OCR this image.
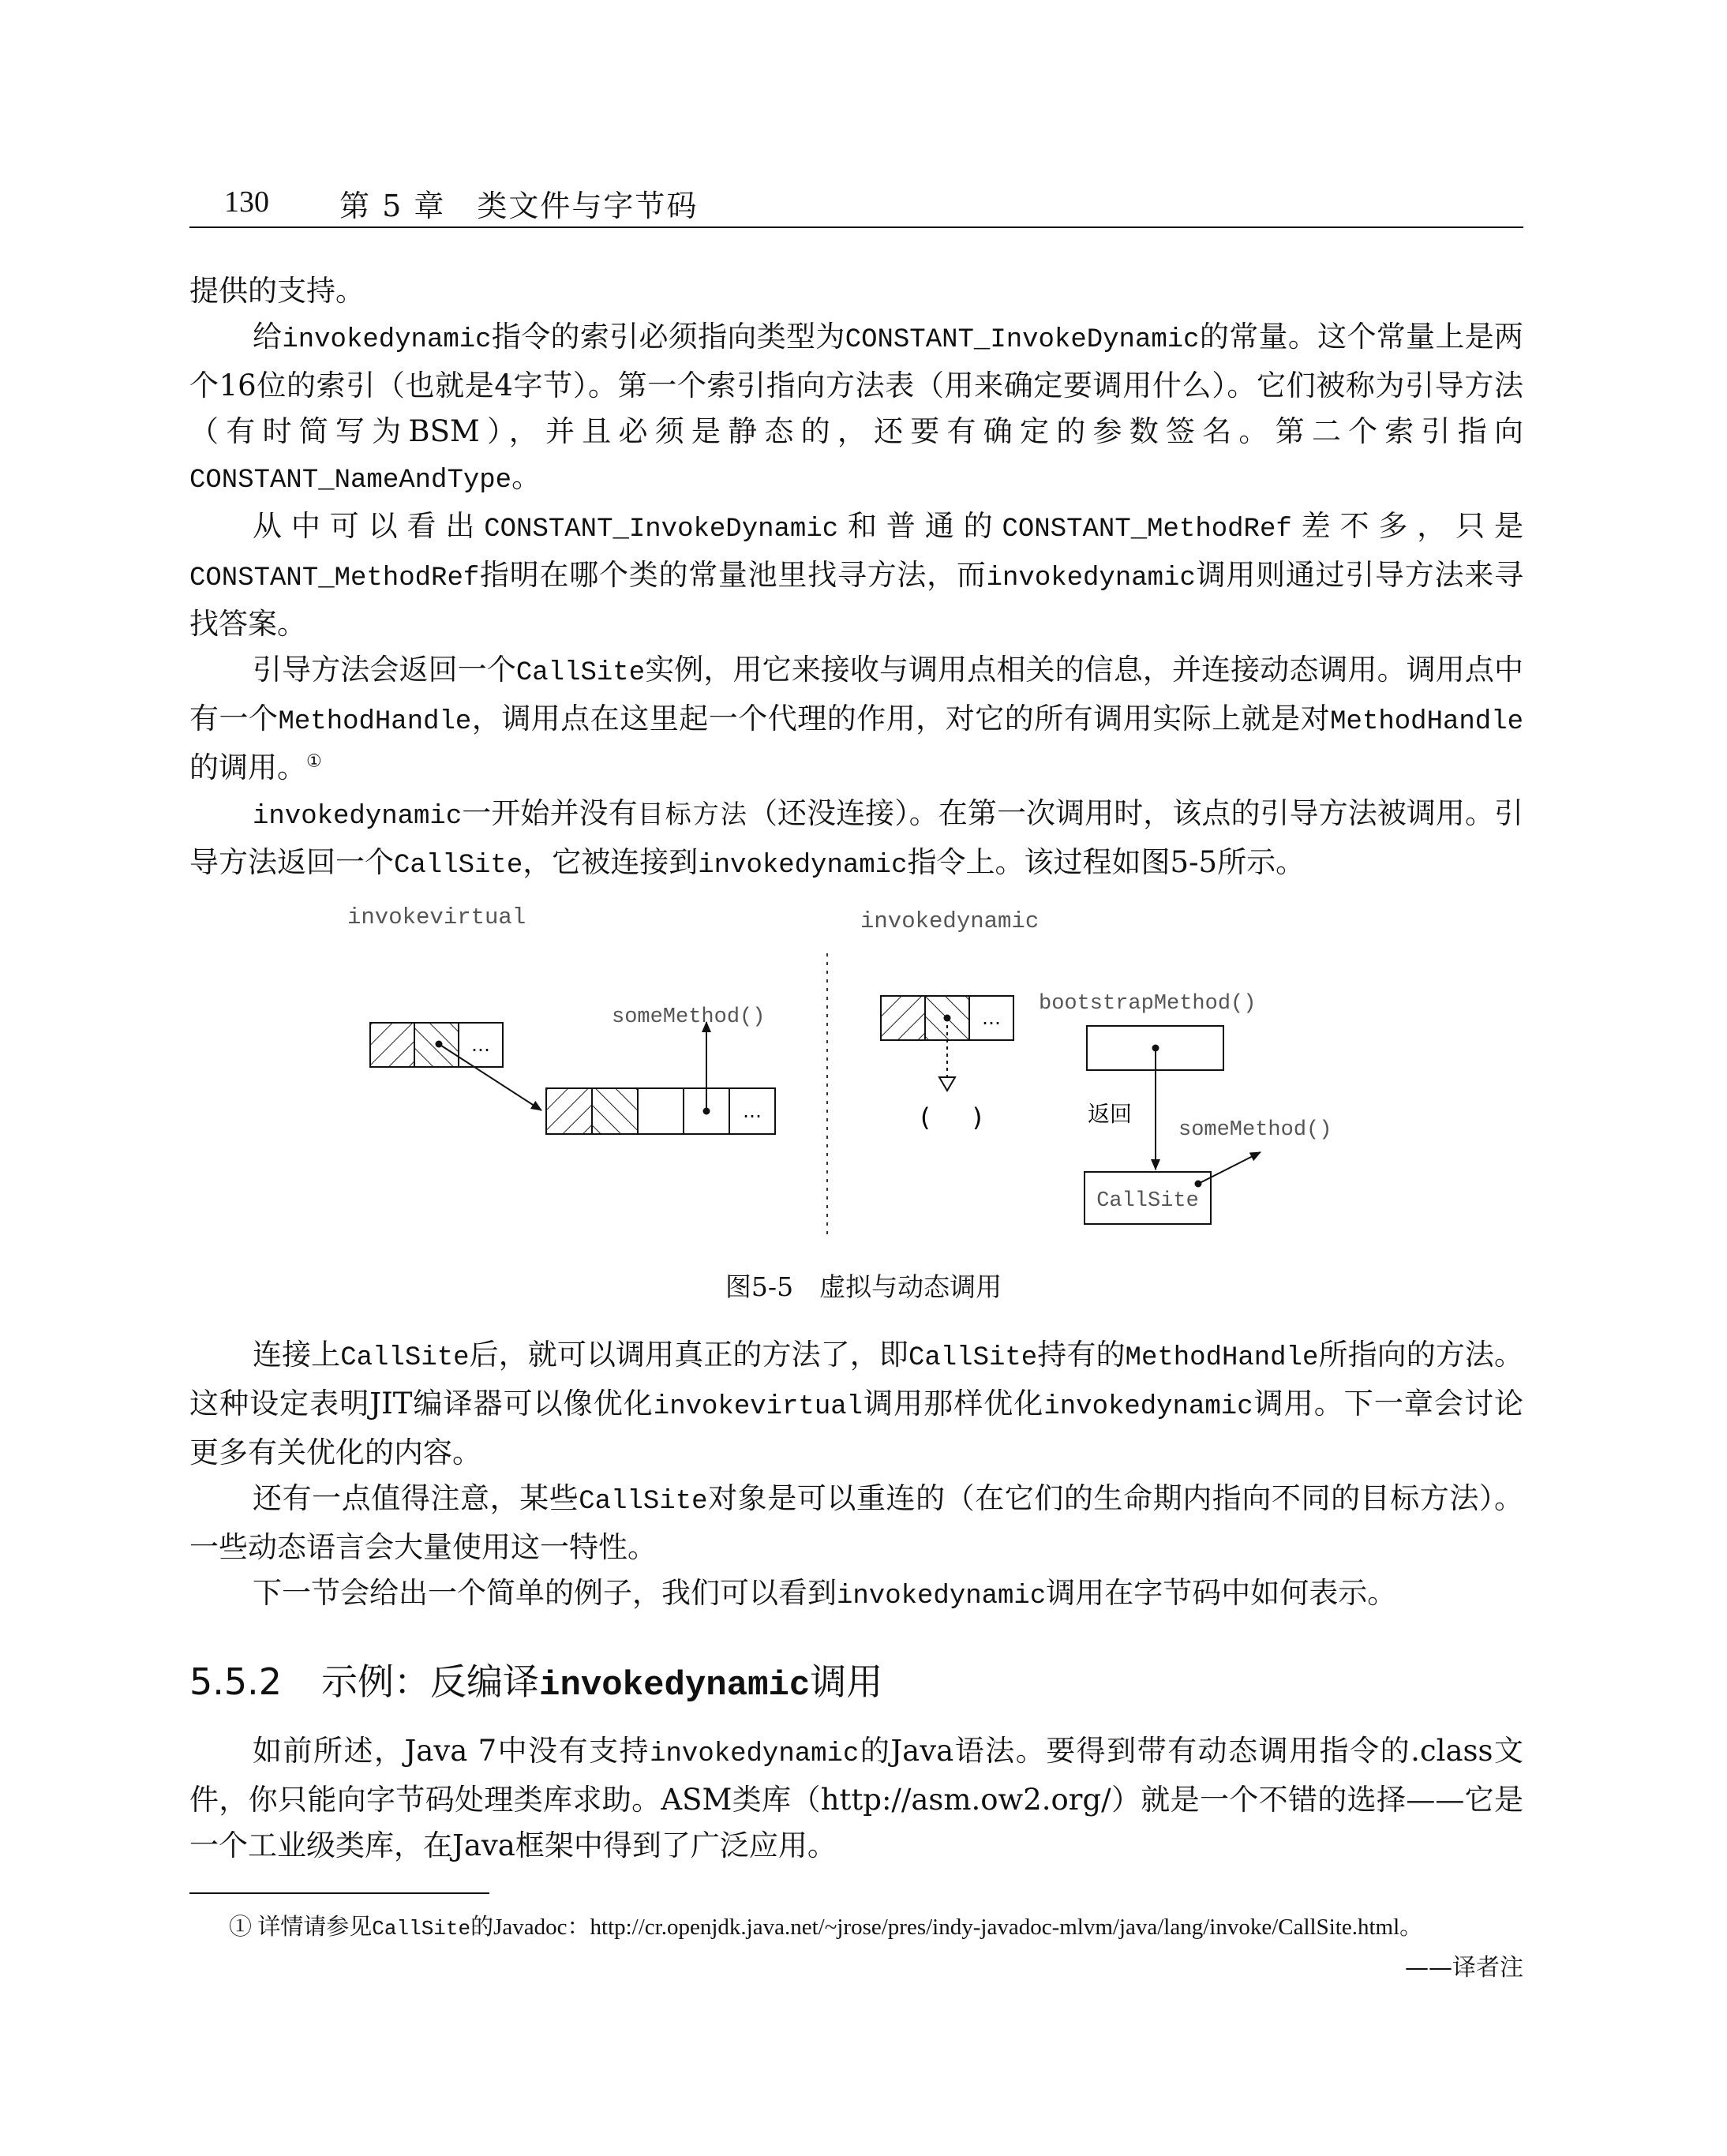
130 第 5 章　类文件与字节码

提供的支持。

给invokedynamic指令的索引必须指向类型为CONSTANT_InvokeDynamic的常量。这个常量上是两个16位的索引（也就是4字节）。第一个索引指向方法表（用来确定要调用什么）。它们被称为引导方法（有时简写为BSM），并且必须是静态的，还要有确定的参数签名。第二个索引指向CONSTANT_NameAndType。

从中可以看出CONSTANT_InvokeDynamic和普通的CONSTANT_MethodRef差不多，只是CONSTANT_MethodRef指明在哪个类的常量池里找寻方法，而invokedynamic调用则通过引导方法来寻找答案。

引导方法会返回一个CallSite实例，用它来接收与调用点相关的信息，并连接动态调用。调用点中有一个MethodHandle，调用点在这里起一个代理的作用，对它的所有调用实际上就是对MethodHandle的调用。①

invokedynamic一开始并没有目标方法（还没连接）。在第一次调用时，该点的引导方法被调用。引导方法返回一个CallSite，它被连接到invokedynamic指令上。该过程如图5-5所示。

invokevirtual	invokedynamic
…
…
someMethod()	…
( )
bootstrapMethod()
返回
CallSite
someMethod()
图5-5　虚拟与动态调用

连接上CallSite后，就可以调用真正的方法了，即CallSite持有的MethodHandle所指向的方法。这种设定表明JIT编译器可以像优化invokevirtual调用那样优化invokedynamic调用。下一章会讨论更多有关优化的内容。

还有一点值得注意，某些CallSite对象是可以重连的（在它们的生命期内指向不同的目标方法）。一些动态语言会大量使用这一特性。

下一节会给出一个简单的例子，我们可以看到invokedynamic调用在字节码中如何表示。

5.5.2 示例：反编译invokedynamic调用

如前所述，Java 7中没有支持invokedynamic的Java语法。要得到带有动态调用指令的.class文件，你只能向字节码处理类库求助。ASM类库（http://asm.ow2.org/）就是一个不错的选择——它是一个工业级类库，在Java框架中得到了广泛应用。

① 详情请参见CallSite的Javadoc：http://cr.openjdk.java.net/~jrose/pres/indy-javadoc-mlvm/java/lang/invoke/CallSite.html。
——译者注
